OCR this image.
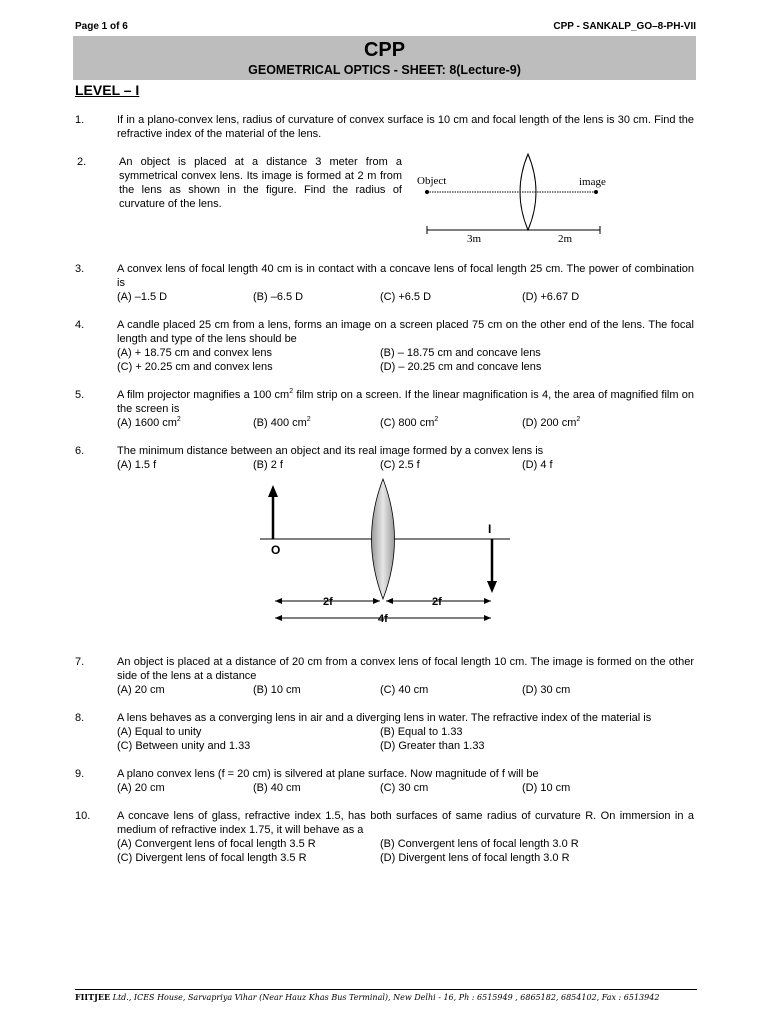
Page 1 of 6	CPP - SANKALP_GO–8-PH-VII
CPP
GEOMETRICAL OPTICS - SHEET: 8(Lecture-9)
LEVEL – I
1.	If in a plano-convex lens, radius of curvature of convex surface is 10 cm and focal length of the lens is 30 cm. Find the refractive index of the material of the lens.
2.	An object is placed at a distance 3 meter from a symmetrical convex lens. Its image is formed at 2 m from the lens as shown in the figure. Find the radius of curvature of the lens.
Object	image
3m	2m
3.	A convex lens of focal length 40 cm is in contact with a concave lens of focal length 25 cm. The power of combination is
(A) –1.5 D	(B) –6.5 D	(C) +6.5 D	(D) +6.67 D
4.	A candle placed 25 cm from a lens, forms an image on a screen placed 75 cm on the other end of the lens. The focal length and type of the lens should be
(A) + 18.75 cm and convex lens	(B) – 18.75 cm and concave lens
(C) + 20.25 cm and convex lens	(D) – 20.25 cm and concave lens
5.	A film projector magnifies a 100 $cm^2$ film strip on a screen. If the linear magnification is 4, the area of magnified film on the screen is
(A) 1600 $cm^2$	(B) 400 $cm^2$	(C) 800 $cm^2$	(D) 200 $cm^2$
6.	The minimum distance between an object and its real image formed by a convex lens is
(A) 1.5 f	(B) 2 f	(C) 2.5 f	(D) 4 f
O
I
2f	2f
4f
7.	An object is placed at a distance of 20 cm from a convex lens of focal length 10 cm. The image is formed on the other side of the lens at a distance
(A) 20 cm	(B) 10 cm	(C) 40 cm	(D) 30 cm
8.	A lens behaves as a converging lens in air and a diverging lens in water. The refractive index of the material is
(A) Equal to unity	(B) Equal to 1.33
(C) Between unity and 1.33	(D) Greater than 1.33
9.	A plano convex lens (f = 20 cm) is silvered at plane surface. Now magnitude of f will be
(A) 20 cm	(B) 40 cm	(C) 30 cm	(D) 10 cm
10. A concave lens of glass, refractive index 1.5, has both surfaces of same radius of curvature R. On immersion in a medium of refractive index 1.75, it will behave as a
(A) Convergent lens of focal length 3.5 R	(B) Convergent lens of focal length 3.0 R
(C) Divergent lens of focal length 3.5 R	(D) Divergent lens of focal length 3.0 R
FIITJEE Ltd., ICES House, Sarvapriya Vihar (Near Hauz Khas Bus Terminal), New Delhi - 16, Ph : 6515949 , 6865182, 6854102, Fax : 6513942
